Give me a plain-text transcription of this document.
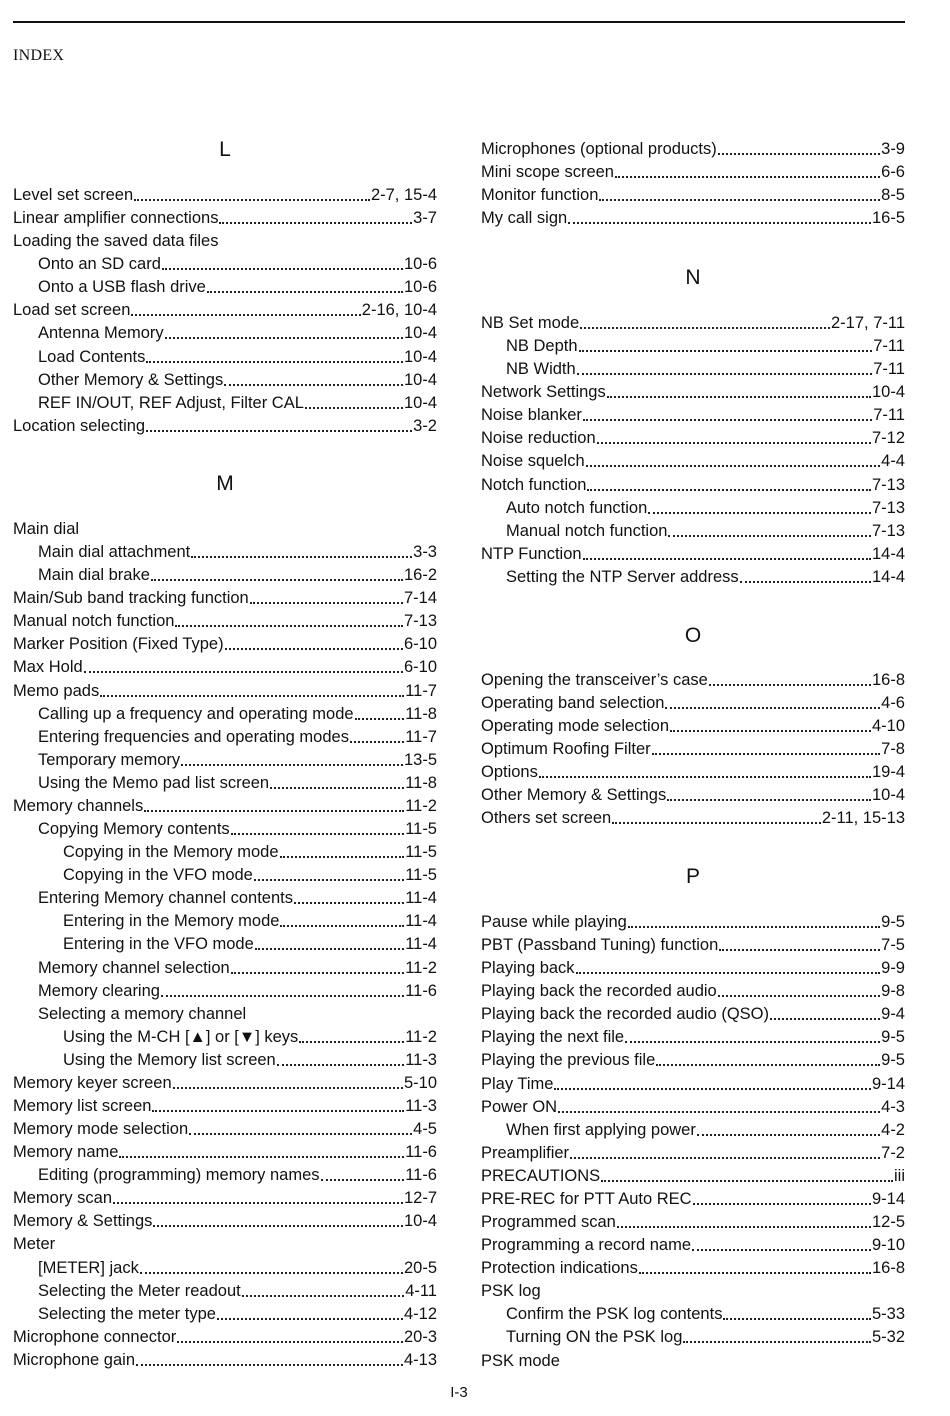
INDEX
L
Level set screen	2-7, 15-4
Linear amplifier connections	3-7
Loading the saved data files
Onto an SD card	10-6
Onto a USB flash drive	10-6
Load set screen	2-16, 10-4
Antenna Memory	10-4
Load Contents	10-4
Other Memory & Settings	10-4
REF IN/OUT, REF Adjust, Filter CAL	10-4
Location selecting	3-2
M
Main dial
Main dial attachment	3-3
Main dial brake	16-2
Main/Sub band tracking function	7-14
Manual notch function	7-13
Marker Position (Fixed Type)	6-10
Max Hold	6-10
Memo pads	11-7
Calling up a frequency and operating mode	11-8
Entering frequencies and operating modes	11-7
Temporary memory	13-5
Using the Memo pad list screen	11-8
Memory channels	11-2
Copying Memory contents	11-5
Copying in the Memory mode	11-5
Copying in the VFO mode	11-5
Entering Memory channel contents	11-4
Entering in the Memory mode	11-4
Entering in the VFO mode	11-4
Memory channel selection	11-2
Memory clearing	11-6
Selecting a memory channel
Using the M-CH [▲] or [▼] keys	11-2
Using the Memory list screen	11-3
Memory keyer screen	5-10
Memory list screen	11-3
Memory mode selection	4-5
Memory name	11-6
Editing (programming) memory names	11-6
Memory scan	12-7
Memory & Settings	10-4
Meter
[METER] jack	20-5
Selecting the Meter readout	4-11
Selecting the meter type	4-12
Microphone connector	20-3
Microphone gain	4-13
Microphones (optional products)	3-9
Mini scope screen	6-6
Monitor function	8-5
My call sign	16-5
N
NB Set mode	2-17, 7-11
NB Depth	7-11
NB Width	7-11
Network Settings	10-4
Noise blanker	7-11
Noise reduction	7-12
Noise squelch	4-4
Notch function	7-13
Auto notch function	7-13
Manual notch function	7-13
NTP Function	14-4
Setting the NTP Server address	14-4
O
Opening the transceiver’s case	16-8
Operating band selection	4-6
Operating mode selection	4-10
Optimum Roofing Filter	7-8
Options	19-4
Other Memory & Settings	10-4
Others set screen	2-11, 15-13
P
Pause while playing	9-5
PBT (Passband Tuning) function	7-5
Playing back	9-9
Playing back the recorded audio	9-8
Playing back the recorded audio (QSO)	9-4
Playing the next file	9-5
Playing the previous file	9-5
Play Time	9-14
Power ON	4-3
When first applying power	4-2
Preamplifier	7-2
PRECAUTIONS	iii
PRE-REC for PTT Auto REC	9-14
Programmed scan	12-5
Programming a record name	9-10
Protection indications	16-8
PSK log
Confirm the PSK log contents	5-33
Turning ON the PSK log	5-32
PSK mode
I-3
